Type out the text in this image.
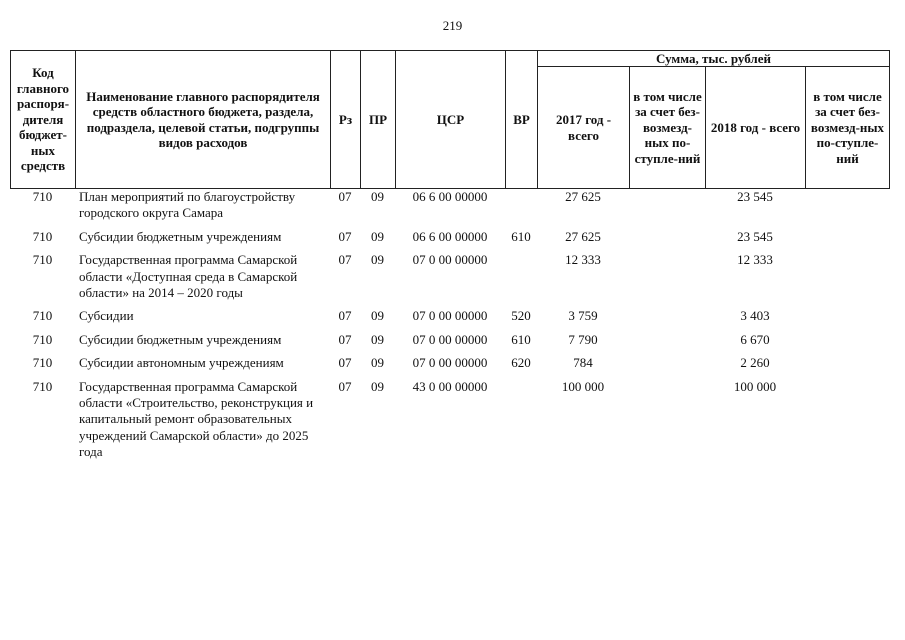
219
Код главного распоря-дителя бюджет-ных средств	Наименование главного распорядителя средств областного бюджета, раздела, подраздела, целевой статьи, подгруппы видов расходов	Рз	ПР	ЦСР	ВР	Сумма, тыс. рублей			
						2017 год - всего	в том числе за счет без-возмезд-ных по-ступле-ний	2018 год - всего	в том числе за счет без-возмезд-ных по-ступле-ний
710	План мероприятий по благоустройству городского округа Самара	07	09	06 6 00 00000		27 625		23 545	

710	Субсидии бюджетным учреждениям	07	09	06 6 00 00000	610	27 625		23 545	

710	Государственная программа Самарской области «Доступная среда в Самарской области» на 2014 – 2020 годы	07	09	07 0 00 00000		12 333		12 333	

710	Субсидии	07	09	07 0 00 00000	520	3 759		3 403	

710	Субсидии бюджетным учреждениям	07	09	07 0 00 00000	610	7 790		6 670	

710	Субсидии автономным учреждениям	07	09	07 0 00 00000	620	784		2 260	

710	Государственная программа Самарской области «Строительство, реконструкция и капитальный ремонт образовательных учреждений Самарской области» до 2025 года	07	09	43 0 00 00000		100 000		100 000	
